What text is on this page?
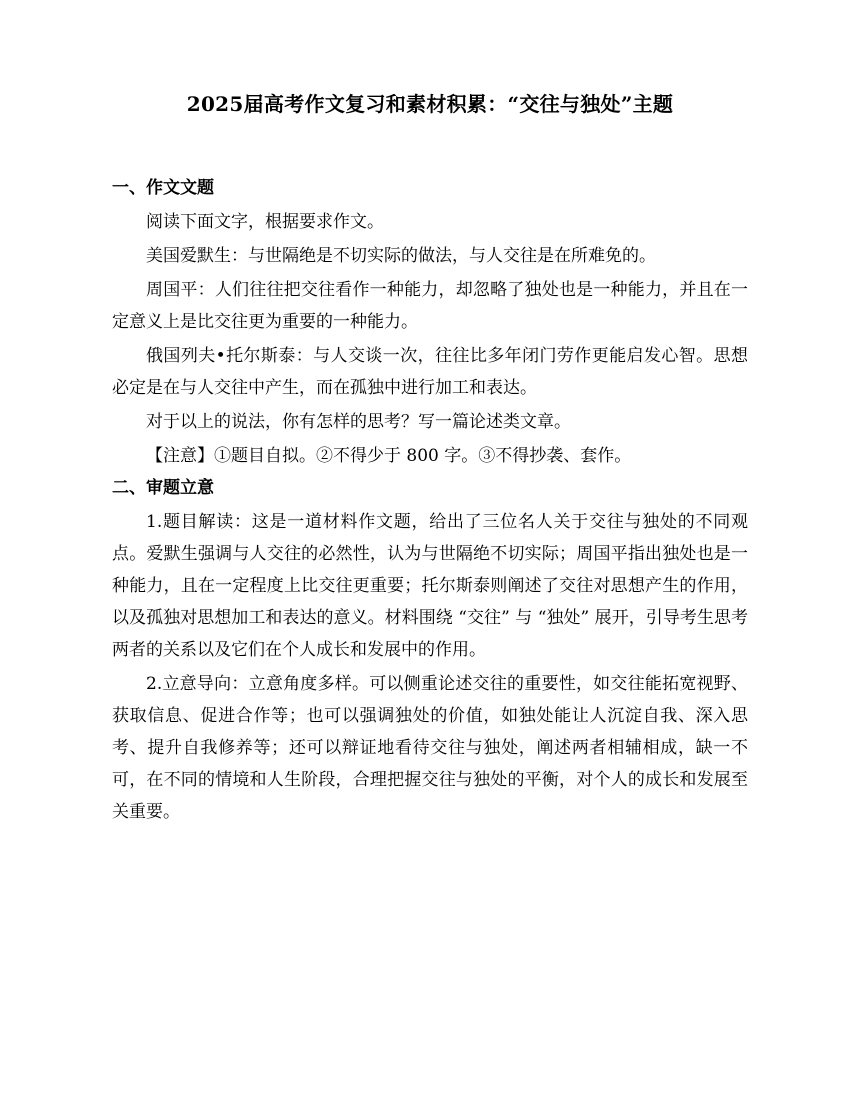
2025届高考作文复习和素材积累：“交往与独处”主题
一、作文文题

阅读下面文字，根据要求作文。

美国爱默生：与世隔绝是不切实际的做法，与人交往是在所难免的。

周国平：人们往往把交往看作一种能力，却忽略了独处也是一种能力，并且在一定意义上是比交往更为重要的一种能力。

俄国列夫•托尔斯泰：与人交谈一次，往往比多年闭门劳作更能启发心智。思想必定是在与人交往中产生，而在孤独中进行加工和表达。

对于以上的说法，你有怎样的思考？写一篇论述类文章。

【注意】①题目自拟。②不得少于 800 字。③不得抄袭、套作。

二、审题立意

1.题目解读：这是一道材料作文题，给出了三位名人关于交往与独处的不同观点。爱默生强调与人交往的必然性，认为与世隔绝不切实际；周国平指出独处也是一种能力，且在一定程度上比交往更重要；托尔斯泰则阐述了交往对思想产生的作用，以及孤独对思想加工和表达的意义。材料围绕 “交往” 与 “独处” 展开，引导考生思考两者的关系以及它们在个人成长和发展中的作用。

2.立意导向：立意角度多样。可以侧重论述交往的重要性，如交往能拓宽视野、获取信息、促进合作等；也可以强调独处的价值，如独处能让人沉淀自我、深入思考、提升自我修养等；还可以辩证地看待交往与独处，阐述两者相辅相成，缺一不可，在不同的情境和人生阶段，合理把握交往与独处的平衡，对个人的成长和发展至关重要。
